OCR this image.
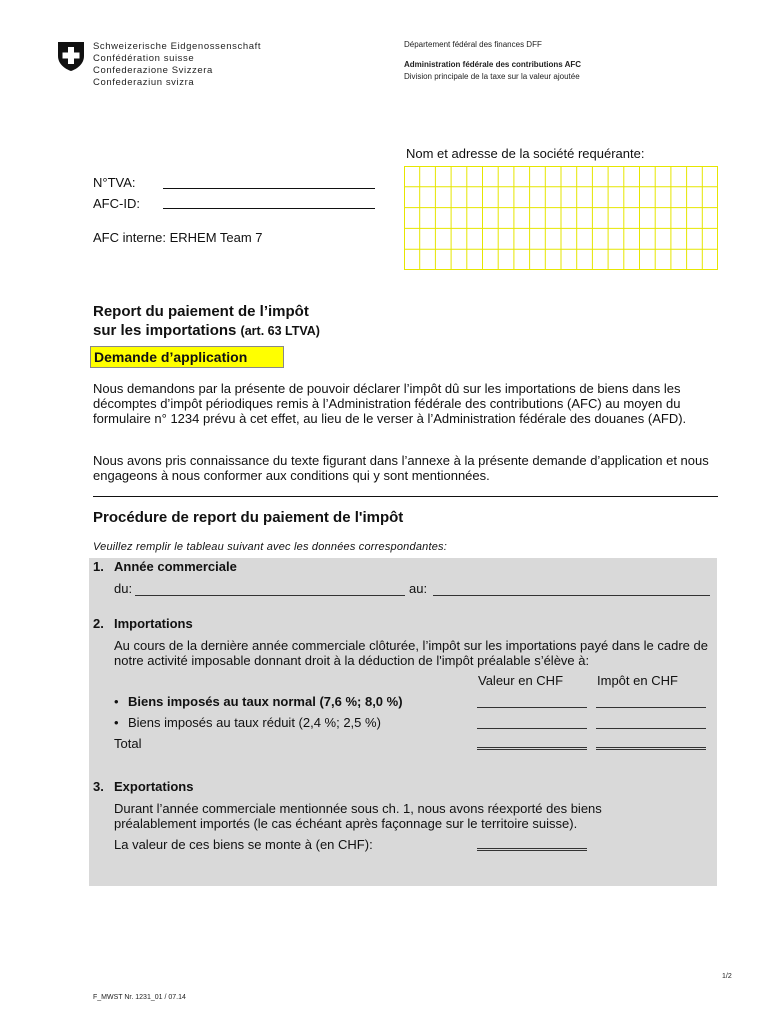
Schweizerische Eidgenossenschaft
Confédération suisse
Confederazione Svizzera
Confederaziun svizra
Département fédéral des finances DFF
Administration fédérale des contributions AFC
Division principale de la taxe sur la valeur ajoutée
Nom et adresse de la société requérante:
N°TVA:
AFC-ID:
AFC interne: ERHEM Team 7
Report du paiement de l’impôt
sur les importations (art. 63 LTVA)
Demande d’application
Nous demandons par la présente de pouvoir déclarer l’impôt dû sur les importations de biens dans les décomptes d’impôt périodiques remis à l’Administration fédérale des contributions (AFC) au moyen du formulaire n° 1234 prévu à cet effet, au lieu de le verser à l’Administration fédérale des douanes (AFD).
Nous avons pris connaissance du texte figurant dans l’annexe à la présente demande d’application et nous engageons à nous conformer aux conditions qui y sont mentionnées.
Procédure de report du paiement de l'impôt
Veuillez remplir le tableau suivant avec les données correspondantes:
1. Année commerciale
du:	au:
2. Importations
Au cours de la dernière année commerciale clôturée, l’impôt sur les importations payé dans le cadre de notre activité imposable donnant droit à la déduction de l'impôt préalable s’élève à:
Valeur en CHF	Impôt en CHF
• Biens imposés au taux normal (7,6 %; 8,0 %)
• Biens imposés au taux réduit (2,4 %; 2,5 %)
Total
3. Exportations
Durant l’année commerciale mentionnée sous ch. 1, nous avons réexporté des biens préalablement importés (le cas échéant après façonnage sur le territoire suisse).
La valeur de ces biens se monte à (en CHF):
1/2
F_MWST Nr. 1231_01 / 07.14
